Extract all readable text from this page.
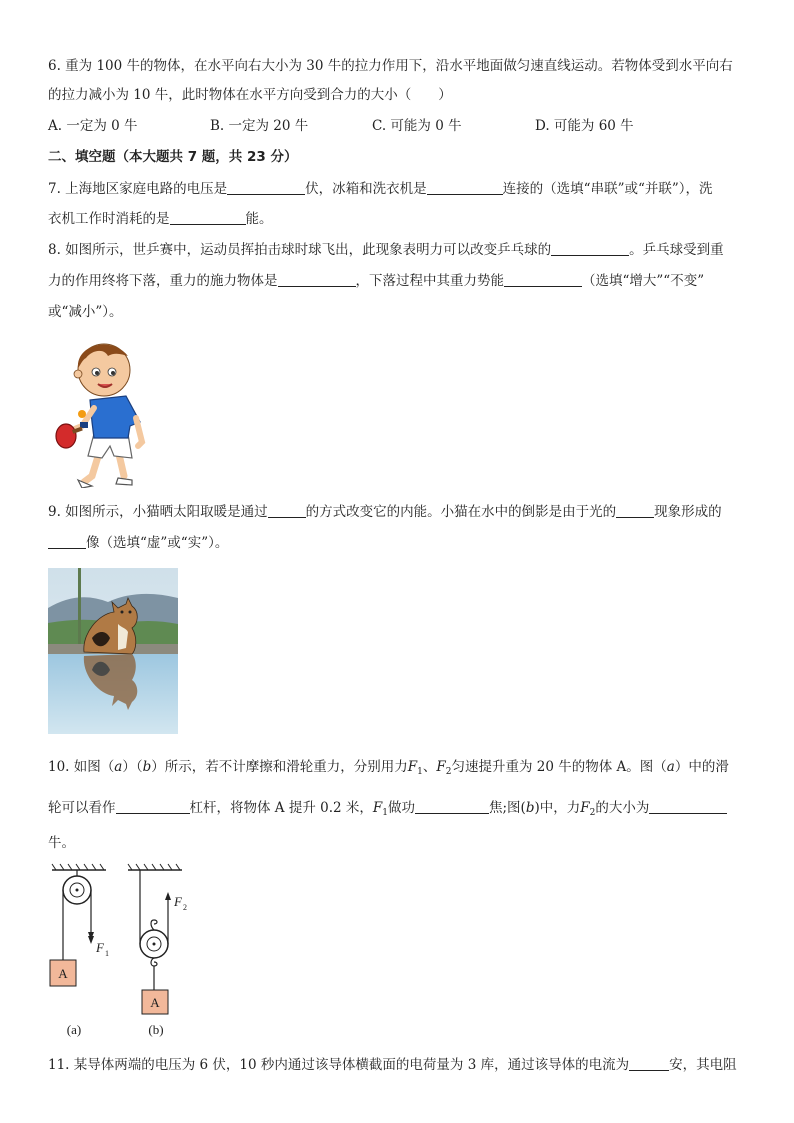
6. 重为 100 牛的物体，在水平向右大小为 30 牛的拉力作用下，沿水平地面做匀速直线运动。若物体受到水平向右
的拉力减小为 10 牛，此时物体在水平方向受到合力的大小（　　）
A. 一定为 0 牛	B. 一定为 20 牛	C. 可能为 0 牛	D. 可能为 60 牛
二、填空题（本大题共 7 题，共 23 分）
7. 上海地区家庭电路的电压是	伏，冰箱和洗衣机是	连接的（选填“串联”或“并联”），洗
衣机工作时消耗的是	能。
8. 如图所示，世乒赛中，运动员挥拍击球时球飞出，此现象表明力可以改变乒乓球的	。乒乓球受到重
力的作用终将下落，重力的施力物体是	，下落过程中其重力势能	（选填“增大”“不变”
或“减小”）。
9. 如图所示，小猫晒太阳取暖是通过	的方式改变它的内能。小猫在水中的倒影是由于光的	现象形成的
像（选填“虚”或“实”）。
10. 如图（a）（b）所示，若不计摩擦和滑轮重力，分别用力$F_1$、$F_2$匀速提升重为 20 牛的物体 A。图（a）中的滑
轮可以看作	杠杆，将物体 A 提升 0.2 米，$F_1$做功	焦;图(b)中，力$F_2$的大小为
牛。
F 1
A
(a)
F 2
A
(b)
11. 某导体两端的电压为 6 伏，10 秒内通过该导体横截面的电荷量为 3 库，通过该导体的电流为	安，其电阻
